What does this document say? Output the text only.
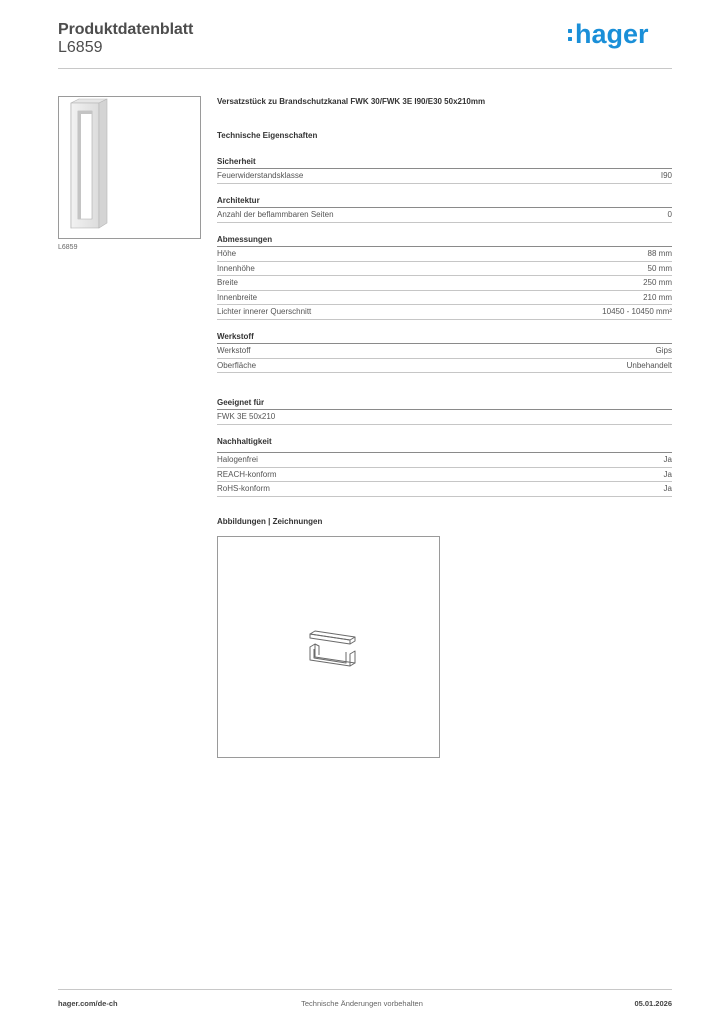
Produktdatenblatt
L6859	hager
L6859
Versatzstück zu Brandschutzkanal FWK 30/FWK 3E I90/E30 50x210mm
Technische Eigenschaften
Sicherheit
Feuerwiderstandsklasse	I90
Architektur
Anzahl der beflammbaren Seiten	0
Abmessungen
Höhe	88 mm
Innenhöhe	50 mm
Breite	250 mm
Innenbreite	210 mm
Lichter innerer Querschnitt	10450 - 10450 mm²
Werkstoff
Werkstoff	Gips
Oberfläche	Unbehandelt
Geeignet für
FWK 3E 50x210
Nachhaltigkeit
Halogenfrei	Ja
REACH-konform	Ja
RoHS-konform	Ja
Abbildungen | Zeichnungen
hager.com/de-ch	Technische Änderungen vorbehalten	05.01.2026
